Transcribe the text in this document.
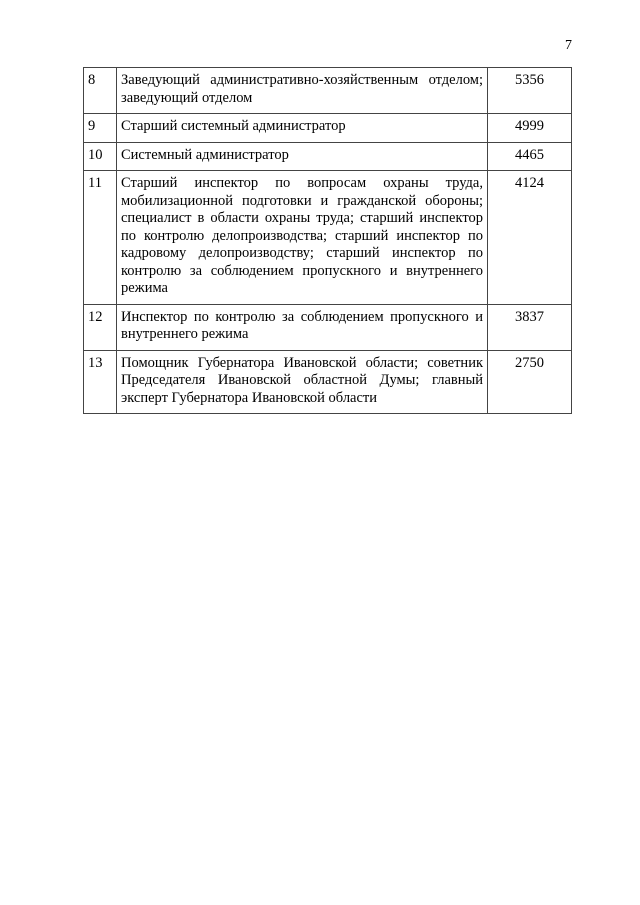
7
8	Заведующий административно-хозяйственным отделом; заведующий отделом	5356
9	Старший системный администратор	4999
10	Системный администратор	4465
11	Старший инспектор по вопросам охраны труда, мобилизационной подготовки и гражданской обороны; специалист в области охраны труда; старший инспектор по контролю делопроизводства; старший инспектор по кадровому делопроизводству; старший инспектор по контролю за соблюдением пропускного и внутреннего режима	4124
12	Инспектор по контролю за соблюдением пропускного и внутреннего режима	3837
13	Помощник Губернатора Ивановской области; советник Председателя Ивановской областной Думы; главный эксперт Губернатора Ивановской области	2750
